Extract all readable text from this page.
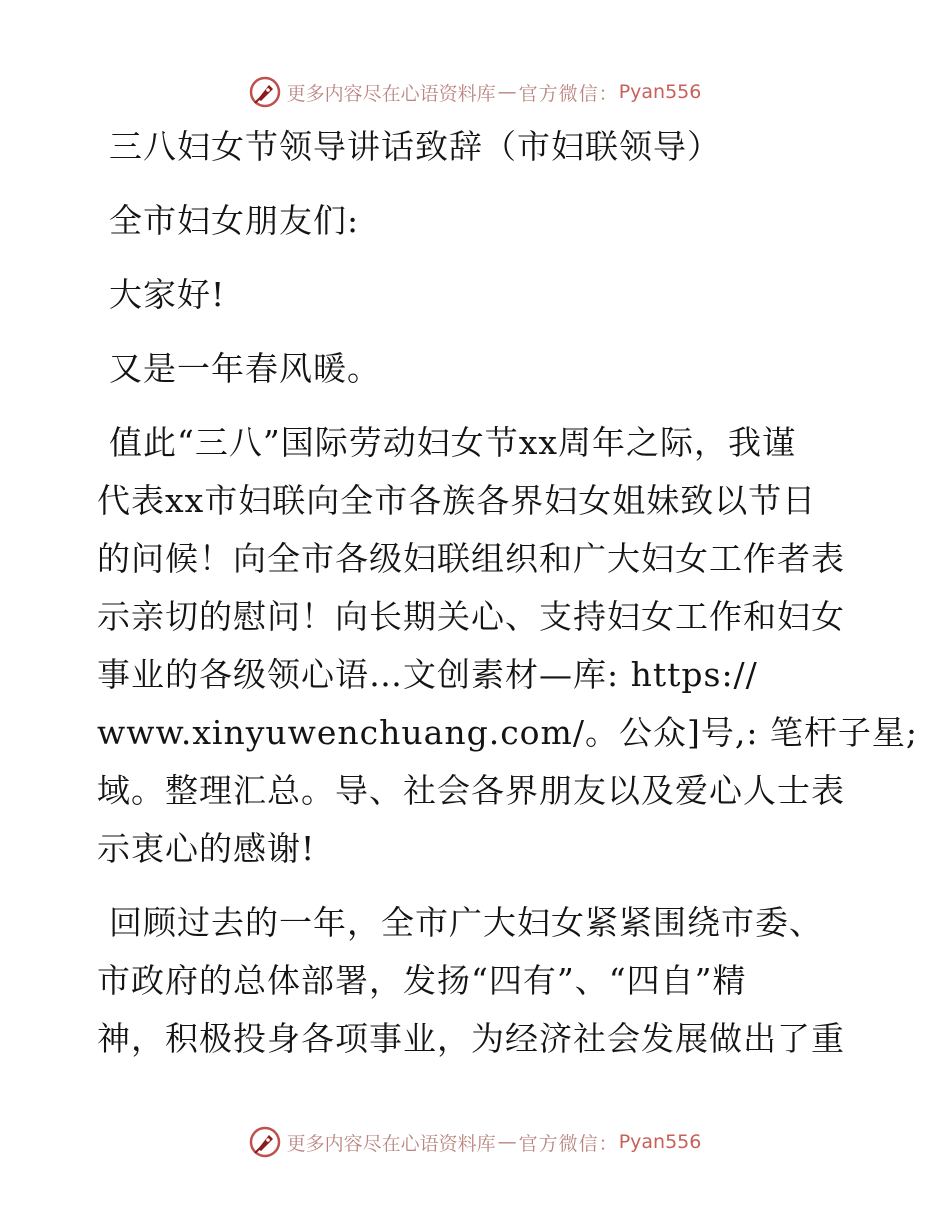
更多内容尽在心语资料库 — 官方微信： Pyan556
三八妇女节领导讲话致辞（市妇联领导）
全市妇女朋友们:
大家好!
又是一年春风暖。
值此“三八”国际劳动妇女节xx周年之际，我谨
代表xx市妇联向全市各族各界妇女姐妹致以节日
的问候！向全市各级妇联组织和广大妇女工作者表
示亲切的慰问！向长期关心、支持妇女工作和妇女
事业的各级领心语…文创素材—库: https://
www.xinyuwenchuang.com/。公众]号,: 笔杆子星;
域。整理汇总。导、社会各界朋友以及爱心人士表
示衷心的感谢!
回顾过去的一年，全市广大妇女紧紧围绕市委、
市政府的总体部署，发扬“四有”、“四自”精
神，积极投身各项事业，为经济社会发展做出了重
更多内容尽在心语资料库 — 官方微信： Pyan556
